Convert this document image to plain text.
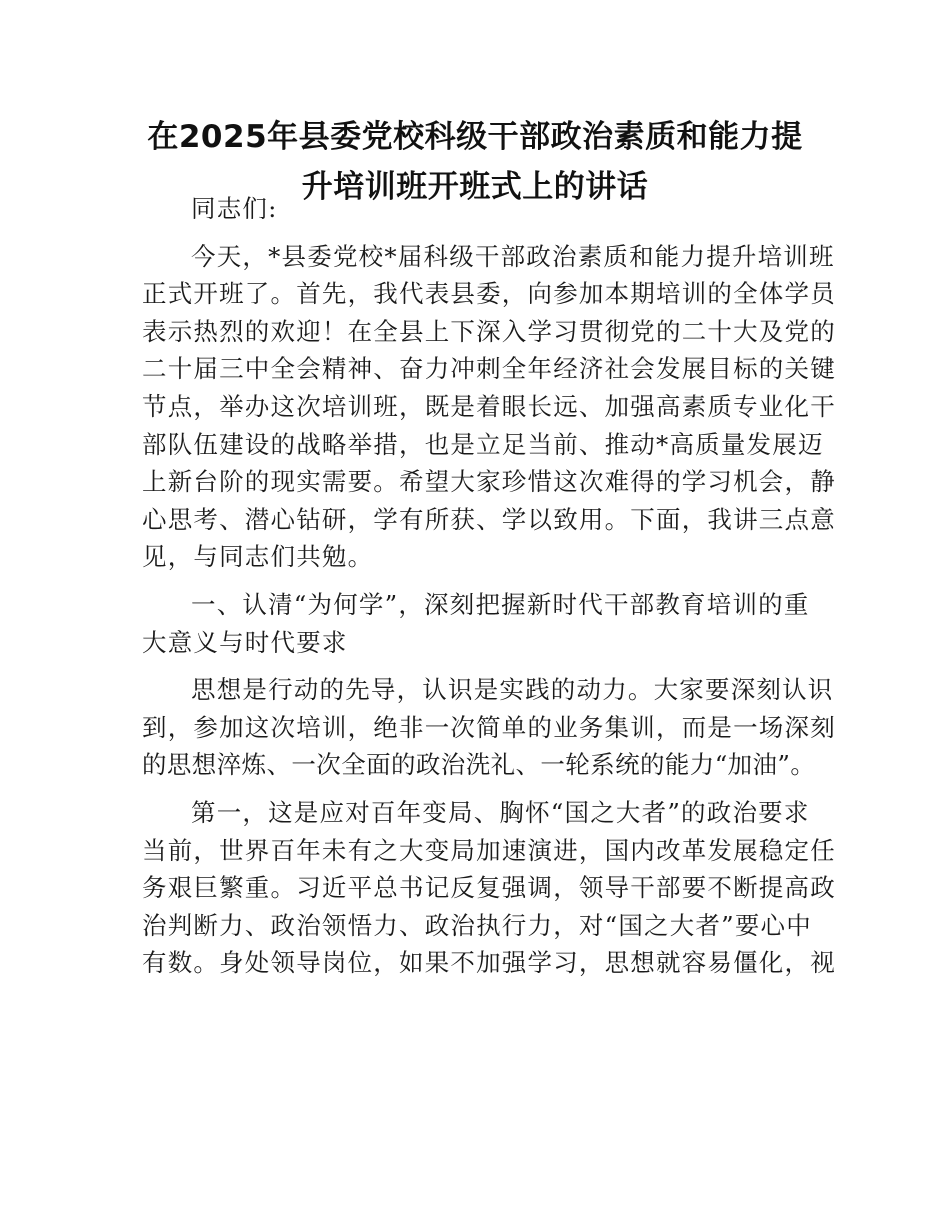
在2025年县委党校科级干部政治素质和能力提
升培训班开班式上的讲话

同志们:

今天，*县委党校*届科级干部政治素质和能力提升培训班
正式开班了。首先，我代表县委，向参加本期培训的全体学员
表示热烈的欢迎！在全县上下深入学习贯彻党的二十大及党的
二十届三中全会精神、奋力冲刺全年经济社会发展目标的关键
节点，举办这次培训班，既是着眼长远、加强高素质专业化干
部队伍建设的战略举措，也是立足当前、推动*高质量发展迈
上新台阶的现实需要。希望大家珍惜这次难得的学习机会，静
心思考、潜心钻研，学有所获、学以致用。下面，我讲三点意
见，与同志们共勉。

一、认清“为何学”，深刻把握新时代干部教育培训的重
大意义与时代要求

思想是行动的先导，认识是实践的动力。大家要深刻认识
到，参加这次培训，绝非一次简单的业务集训，而是一场深刻
的思想淬炼、一次全面的政治洗礼、一轮系统的能力“加油”。

第一，这是应对百年变局、胸怀“国之大者”的政治要求
当前，世界百年未有之大变局加速演进，国内改革发展稳定任
务艰巨繁重。习近平总书记反复强调，领导干部要不断提高政
治判断力、政治领悟力、政治执行力，对“国之大者”要心中
有数。身处领导岗位，如果不加强学习，思想就容易僵化，视
